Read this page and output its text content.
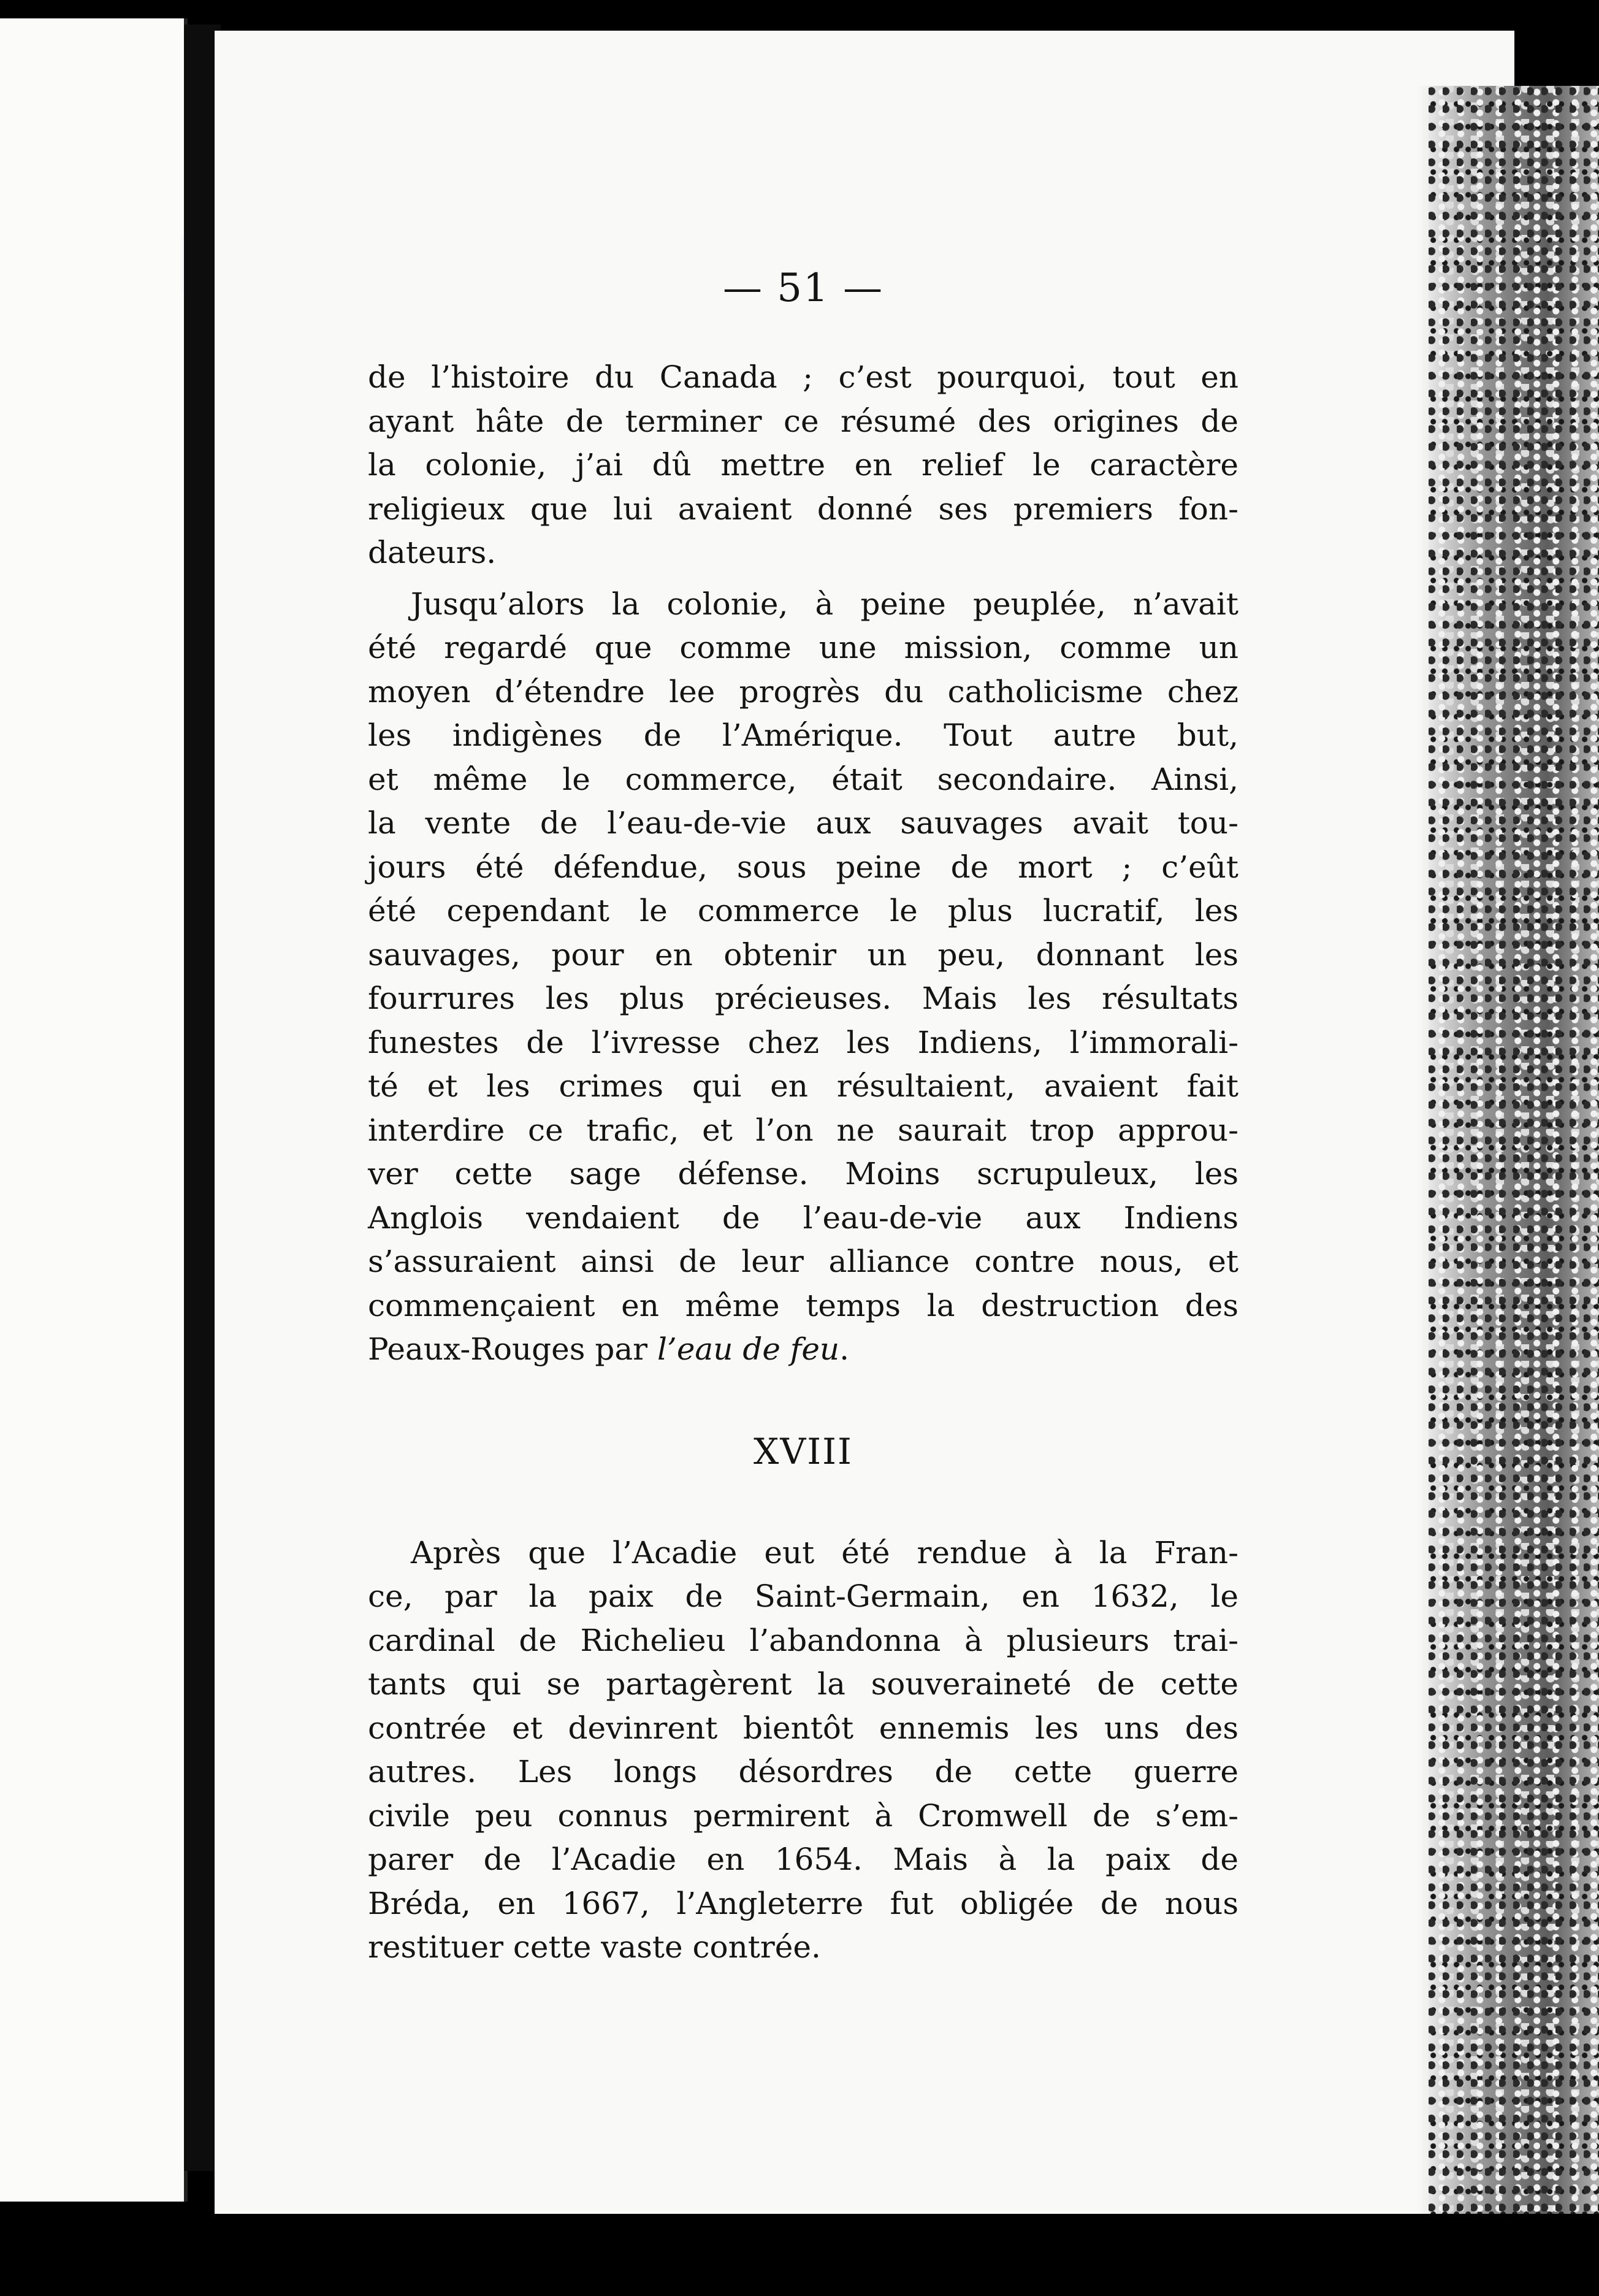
— 51 —

de l’histoire du Canada ; c’est pourquoi, tout en
ayant hâte de terminer ce résumé des origines de
la colonie, j’ai dû mettre en relief le caractère
religieux que lui avaient donné ses premiers fon-
dateurs.

Jusqu’alors la colonie, à peine peuplée, n’avait
été regardé que comme une mission, comme un
moyen d’étendre lee progrès du catholicisme chez
les indigènes de l’Amérique. Tout autre but,
et même le commerce, était secondaire. Ainsi,
la vente de l’eau-de-vie aux sauvages avait tou-
jours été défendue, sous peine de mort ; c’eût
été cependant le commerce le plus lucratif, les
sauvages, pour en obtenir un peu, donnant les
fourrures les plus précieuses. Mais les résultats
funestes de l’ivresse chez les Indiens, l’immorali-
té et les crimes qui en résultaient, avaient fait
interdire ce trafic, et l’on ne saurait trop approu-
ver cette sage défense. Moins scrupuleux, les
Anglois vendaient de l’eau-de-vie aux Indiens
s’assuraient ainsi de leur alliance contre nous, et
commençaient en même temps la destruction des
Peaux-Rouges par l’eau de feu.

XVIII

Après que l’Acadie eut été rendue à la Fran-
ce, par la paix de Saint-Germain, en 1632, le
cardinal de Richelieu l’abandonna à plusieurs trai-
tants qui se partagèrent la souveraineté de cette
contrée et devinrent bientôt ennemis les uns des
autres. Les longs désordres de cette guerre
civile peu connus permirent à Cromwell de s’em-
parer de l’Acadie en 1654. Mais à la paix de
Bréda, en 1667, l’Angleterre fut obligée de nous
restituer cette vaste contrée.
